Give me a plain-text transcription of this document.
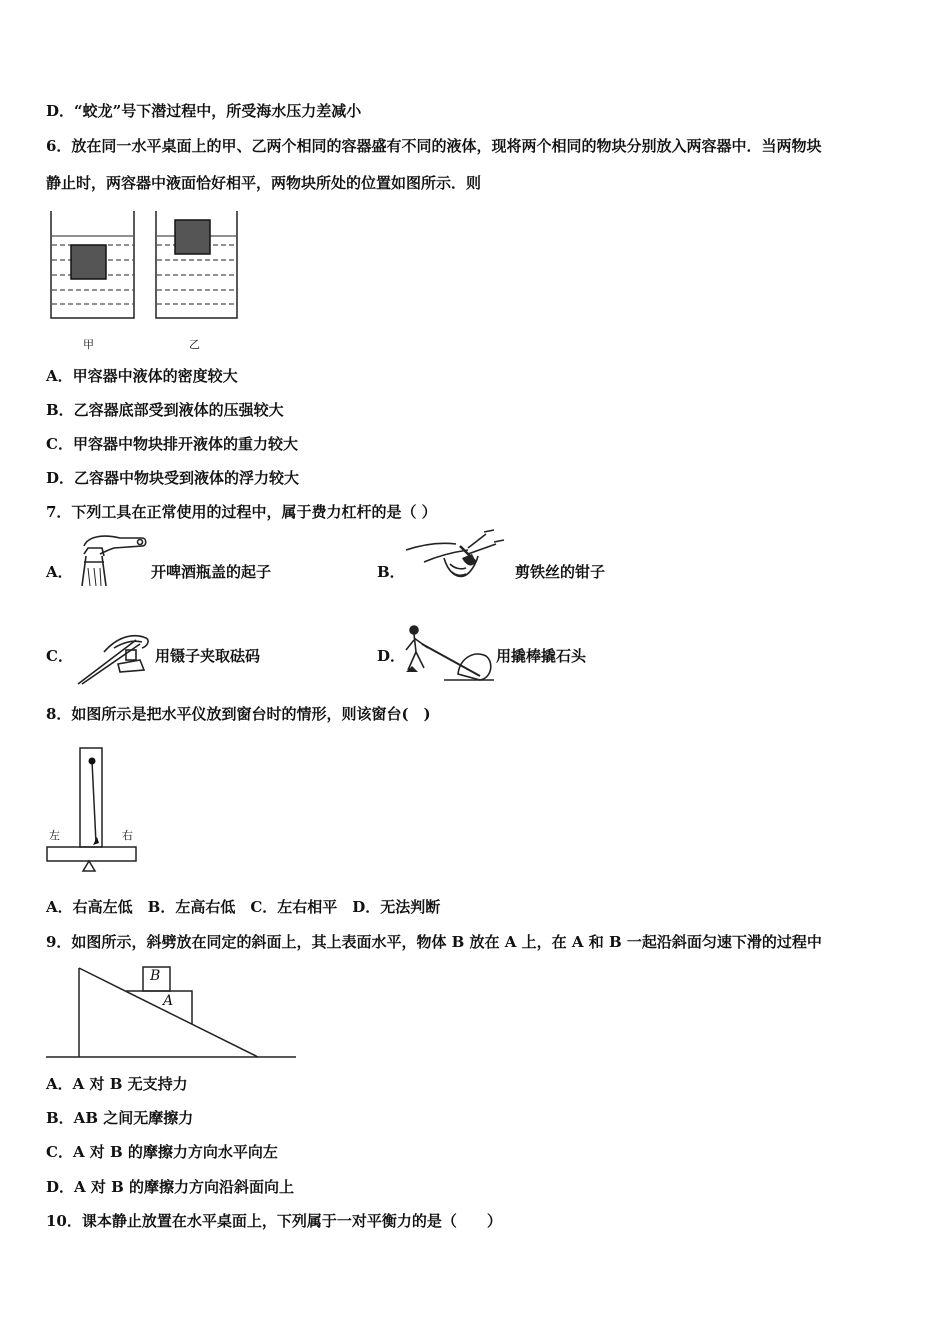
D．“蛟龙”号下潜过程中，所受海水压力差减小
6．放在同一水平桌面上的甲、乙两个相同的容器盛有不同的液体，现将两个相同的物块分别放入两容器中．当两物块
静止时，两容器中液面恰好相平，两物块所处的位置如图所示．则
甲	乙
A．甲容器中液体的密度较大
B．乙容器底部受到液体的压强较大
C．甲容器中物块排开液体的重力较大
D．乙容器中物块受到液体的浮力较大
7．下列工具在正常使用的过程中，属于费力杠杆的是（ ）
A．	开啤酒瓶盖的起子	B．	剪铁丝的钳子
C．	用镊子夹取砝码	D．	用撬棒撬石头
8．如图所示是把水平仪放到窗台时的情形，则该窗台(　)
左	右
A．右高左低　B．左高右低　C．左右相平　D．无法判断
9．如图所示，斜劈放在同定的斜面上，其上表面水平，物体 B 放在 A 上，在 A 和 B 一起沿斜面匀速下滑的过程中
B
A
A．A 对 B 无支持力
B．AB 之间无摩擦力
C．A 对 B 的摩擦力方向水平向左
D．A 对 B 的摩擦力方向沿斜面向上
10．课本静止放置在水平桌面上，下列属于一对平衡力的是（　　）
